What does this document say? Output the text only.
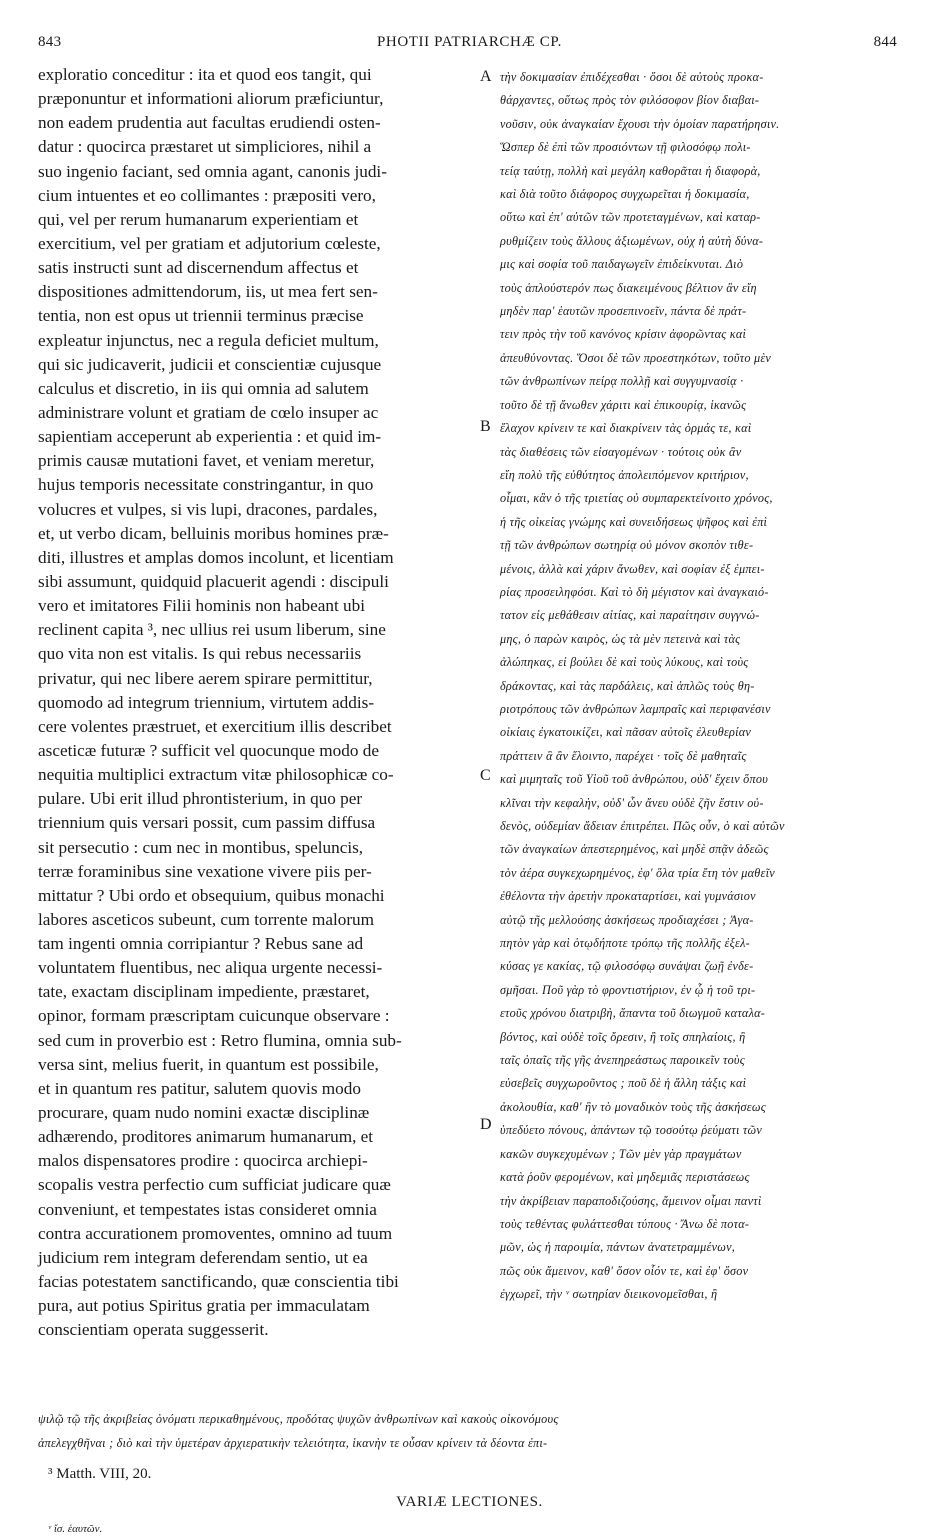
843	PHOTII PATRIARCHÆ CP.	844
exploratio conceditur : ita et quod eos tangit, qui
præponuntur et informationi aliorum præficiuntur,
non eadem prudentia aut facultas erudiendi osten-
datur : quocirca præstaret ut simpliciores, nihil a
suo ingenio faciant, sed omnia agant, canonis judi-
cium intuentes et eo collimantes : præpositi vero,
qui, vel per rerum humanarum experientiam et
exercitium, vel per gratiam et adjutorium cœleste,
satis instructi sunt ad discernendum affectus et
dispositiones admittendorum, iis, ut mea fert sen-
tentia, non est opus ut triennii terminus præcise
expleatur injunctus, nec a regula deficiet multum,
qui sic judicaverit, judicii et conscientiæ cujusque
calculus et discretio, in iis qui omnia ad salutem
administrare volunt et gratiam de cœlo insuper ac
sapientiam acceperunt ab experientia : et quid im-
primis causæ mutationi favet, et veniam meretur,
hujus temporis necessitate constringantur, in quo
volucres et vulpes, si vis lupi, dracones, pardales,
et, ut verbo dicam, belluinis moribus homines præ-
diti, illustres et amplas domos incolunt, et licentiam
sibi assumunt, quidquid placuerit agendi : discipuli
vero et imitatores Filii hominis non habeant ubi
reclinent capita ³, nec ullius rei usum liberum, sine
quo vita non est vitalis. Is qui rebus necessariis
privatur, qui nec libere aerem spirare permittitur,
quomodo ad integrum triennium, virtutem addis-
cere volentes præstruet, et exercitium illis describet
asceticæ futuræ ? sufficit vel quocunque modo de
nequitia multiplici extractum vitæ philosophicæ co-
pulare. Ubi erit illud phrontisterium, in quo per
triennium quis versari possit, cum passim diffusa
sit persecutio : cum nec in montibus, speluncis,
terræ foraminibus sine vexatione vivere piis per-
mittatur ? Ubi ordo et obsequium, quibus monachi
labores asceticos subeunt, cum torrente malorum
tam ingenti omnia corripiantur ? Rebus sane ad
voluntatem fluentibus, nec aliqua urgente necessi-
tate, exactam disciplinam impediente, præstaret,
opinor, formam præscriptam cuicunque observare :
sed cum in proverbio est : Retro flumina, omnia sub-
versa sint, melius fuerit, in quantum est possibile,
et in quantum res patitur, salutem quovis modo
procurare, quam nudo nomini exactæ disciplinæ
adhærendo, proditores animarum humanarum, et
malos dispensatores prodire : quocirca archiepi-
scopalis vestra perfectio cum sufficiat judicare quæ
conveniunt, et tempestates istas consideret omnia
contra accurationem promoventes, omnino ad tuum
judicium rem integram deferendam sentio, ut ea
facias potestatem sanctificando, quæ conscientia tibi
pura, aut potius Spiritus gratia per immaculatam
conscientiam operata suggesserit.
A
B
C
D
τὴν δοκιμασίαν ἐπιδέχεσθαι · ὅσοι δὲ αὐτοὺς προκα-
θάρχαντες, οὕτως πρὸς τὸν φιλόσοφον βίον διαβαι-
νοῦσιν, οὐκ ἀναγκαίαν ἔχουσι τὴν ὁμοίαν παρατήρησιν.
Ὥσπερ δὲ ἐπὶ τῶν προσιόντων τῇ φιλοσόφῳ πολι-
τείᾳ ταύτῃ, πολλὴ καὶ μεγάλη καθορᾶται ἡ διαφορὰ,
καὶ διὰ τοῦτο διάφορος συγχωρεῖται ἡ δοκιμασία,
οὕτω καὶ ἐπ' αὐτῶν τῶν προτεταγμένων, καὶ καταρ-
ρυθμίζειν τοὺς ἄλλους ἀξιωμένων, οὐχ ἡ αὐτὴ δύνα-
μις καὶ σοφία τοῦ παιδαγωγεῖν ἐπιδείκνυται. Διὸ
τοὺς ἁπλούστερόν πως διακειμένους βέλτιον ἂν εἴη
μηδὲν παρ' ἑαυτῶν προσεπινοεῖν, πάντα δὲ πράτ-
τειν πρὸς τὴν τοῦ κανόνος κρίσιν ἀφορῶντας καὶ
ἀπευθύνοντας. Ὅσοι δὲ τῶν προεστηκότων, τοῦτο μὲν
τῶν ἀνθρωπίνων πείρᾳ πολλῇ καὶ συγγυμνασίᾳ ·
τοῦτο δὲ τῇ ἄνωθεν χάριτι καὶ ἐπικουρίᾳ, ἱκανῶς
ἔλαχον κρίνειν τε καὶ διακρίνειν τὰς ὁρμάς τε, καὶ
τὰς διαθέσεις τῶν εἰσαγομένων · τούτοις οὐκ ἂν
εἴη πολὺ τῆς εὐθύτητος ἀπολειπόμενον κριτήριον,
οἶμαι, κἂν ὁ τῆς τριετίας οὐ συμπαρεκτείνοιτο χρόνος,
ἡ τῆς οἰκείας γνώμης καὶ συνειδήσεως ψῆφος καὶ ἐπὶ
τῇ τῶν ἀνθρώπων σωτηρίᾳ οὐ μόνον σκοπὸν τιθε-
μένοις, ἀλλὰ καὶ χάριν ἄνωθεν, καὶ σοφίαν ἐξ ἐμπει-
ρίας προσειληφόσι. Καὶ τὸ δὴ μέγιστον καὶ ἀναγκαιό-
τατον εἰς μεθάθεσιν αἰτίας, καὶ παραίτησιν συγγνώ-
μης, ὁ παρὼν καιρὸς, ὡς τὰ μὲν πετεινὰ καὶ τὰς
ἀλώπηκας, εἰ βούλει δὲ καὶ τοὺς λύκους, καὶ τοὺς
δράκοντας, καὶ τὰς παρδάλεις, καὶ ἁπλῶς τοὺς θη-
ριοτρόπους τῶν ἀνθρώπων λαμπραῖς καὶ περιφανέσιν
οἰκίαις ἐγκατοικίζει, καὶ πᾶσαν αὐτοῖς ἐλευθερίαν
πράττειν ἃ ἂν ἕλοιντο, παρέχει · τοῖς δὲ μαθηταῖς
καὶ μιμηταῖς τοῦ Υἱοῦ τοῦ ἀνθρώπου, οὐδ' ἔχειν ὅπου
κλῖναι τὴν κεφαλὴν, οὐδ' ὧν ἄνευ οὐδὲ ζῆν ἔστιν οὐ-
δενὸς, οὐδεμίαν ἄδειαν ἐπιτρέπει. Πῶς οὖν, ὁ καὶ αὐτῶν
τῶν ἀναγκαίων ἀπεστερημένος, καὶ μηδὲ σπᾷν ἀδεῶς
τὸν ἀέρα συγκεχωρημένος, ἐφ' ὅλα τρία ἔτη τὸν μαθεῖν
ἐθέλοντα τὴν ἀρετὴν προκαταρτίσει, καὶ γυμνάσιον
αὐτῷ τῆς μελλούσης ἀσκήσεως προδιαχέσει ; Ἀγα-
πητὸν γὰρ καὶ ὁτῳδήποτε τρόπῳ τῆς πολλῆς ἐξελ-
κύσας γε κακίας, τῷ φιλοσόφῳ συνάψαι ζωῇ ἐνδε-
σμῆσαι. Ποῦ γὰρ τὸ φροντιστήριον, ἐν ᾧ ἡ τοῦ τρι-
ετοῦς χρόνου διατριβὴ, ἅπαντα τοῦ διωγμοῦ καταλα-
βόντος, καὶ οὐδὲ τοῖς ὄρεσιν, ἢ τοῖς σπηλαίοις, ἢ
ταῖς ὀπαῖς τῆς γῆς ἀνεπηρεάστως παροικεῖν τοὺς
εὐσεβεῖς συγχωροῦντος ; ποῦ δὲ ἡ ἄλλη τάξις καὶ
ἀκολουθία, καθ' ἣν τὸ μοναδικὸν τοὺς τῆς ἀσκήσεως
ὑπεδύετο πόνους, ἁπάντων τῷ τοσούτῳ ῥεύματι τῶν
κακῶν συγκεχυμένων ; Τῶν μὲν γὰρ πραγμάτων
κατὰ ῥοῦν φερομένων, καὶ μηδεμιᾶς περιστάσεως
τὴν ἀκρίβειαν παραποδιζούσης, ἄμεινον οἶμαι παντὶ
τοὺς τεθέντας φυλάττεσθαι τύπους · Ἄνω δὲ ποτα-
μῶν, ὡς ἡ παροιμία, πάντων ἀνατετραμμένων,
πῶς οὐκ ἄμεινον, καθ' ὅσον οἷόν τε, καὶ ἐφ' ὅσον
ἐγχωρεῖ, τὴν ᵛ σωτηρίαν διεικονομεῖσθαι, ἢ
ψιλῷ τῷ τῆς ἀκριβείας ὀνόματι περικαθημένους, προδότας ψυχῶν ἀνθρωπίνων καὶ κακοὺς οἰκονόμους
ἀπελεγχθῆναι ; διὸ καὶ τὴν ὑμετέραν ἀρχιερατικὴν τελειότητα, ἱκανὴν τε οὖσαν κρίνειν τὰ δέοντα ἐπι-
³ Matth. VIII, 20.
VARIÆ LECTIONES.
ᵛ ἴσ. ἑαυτῶν.
